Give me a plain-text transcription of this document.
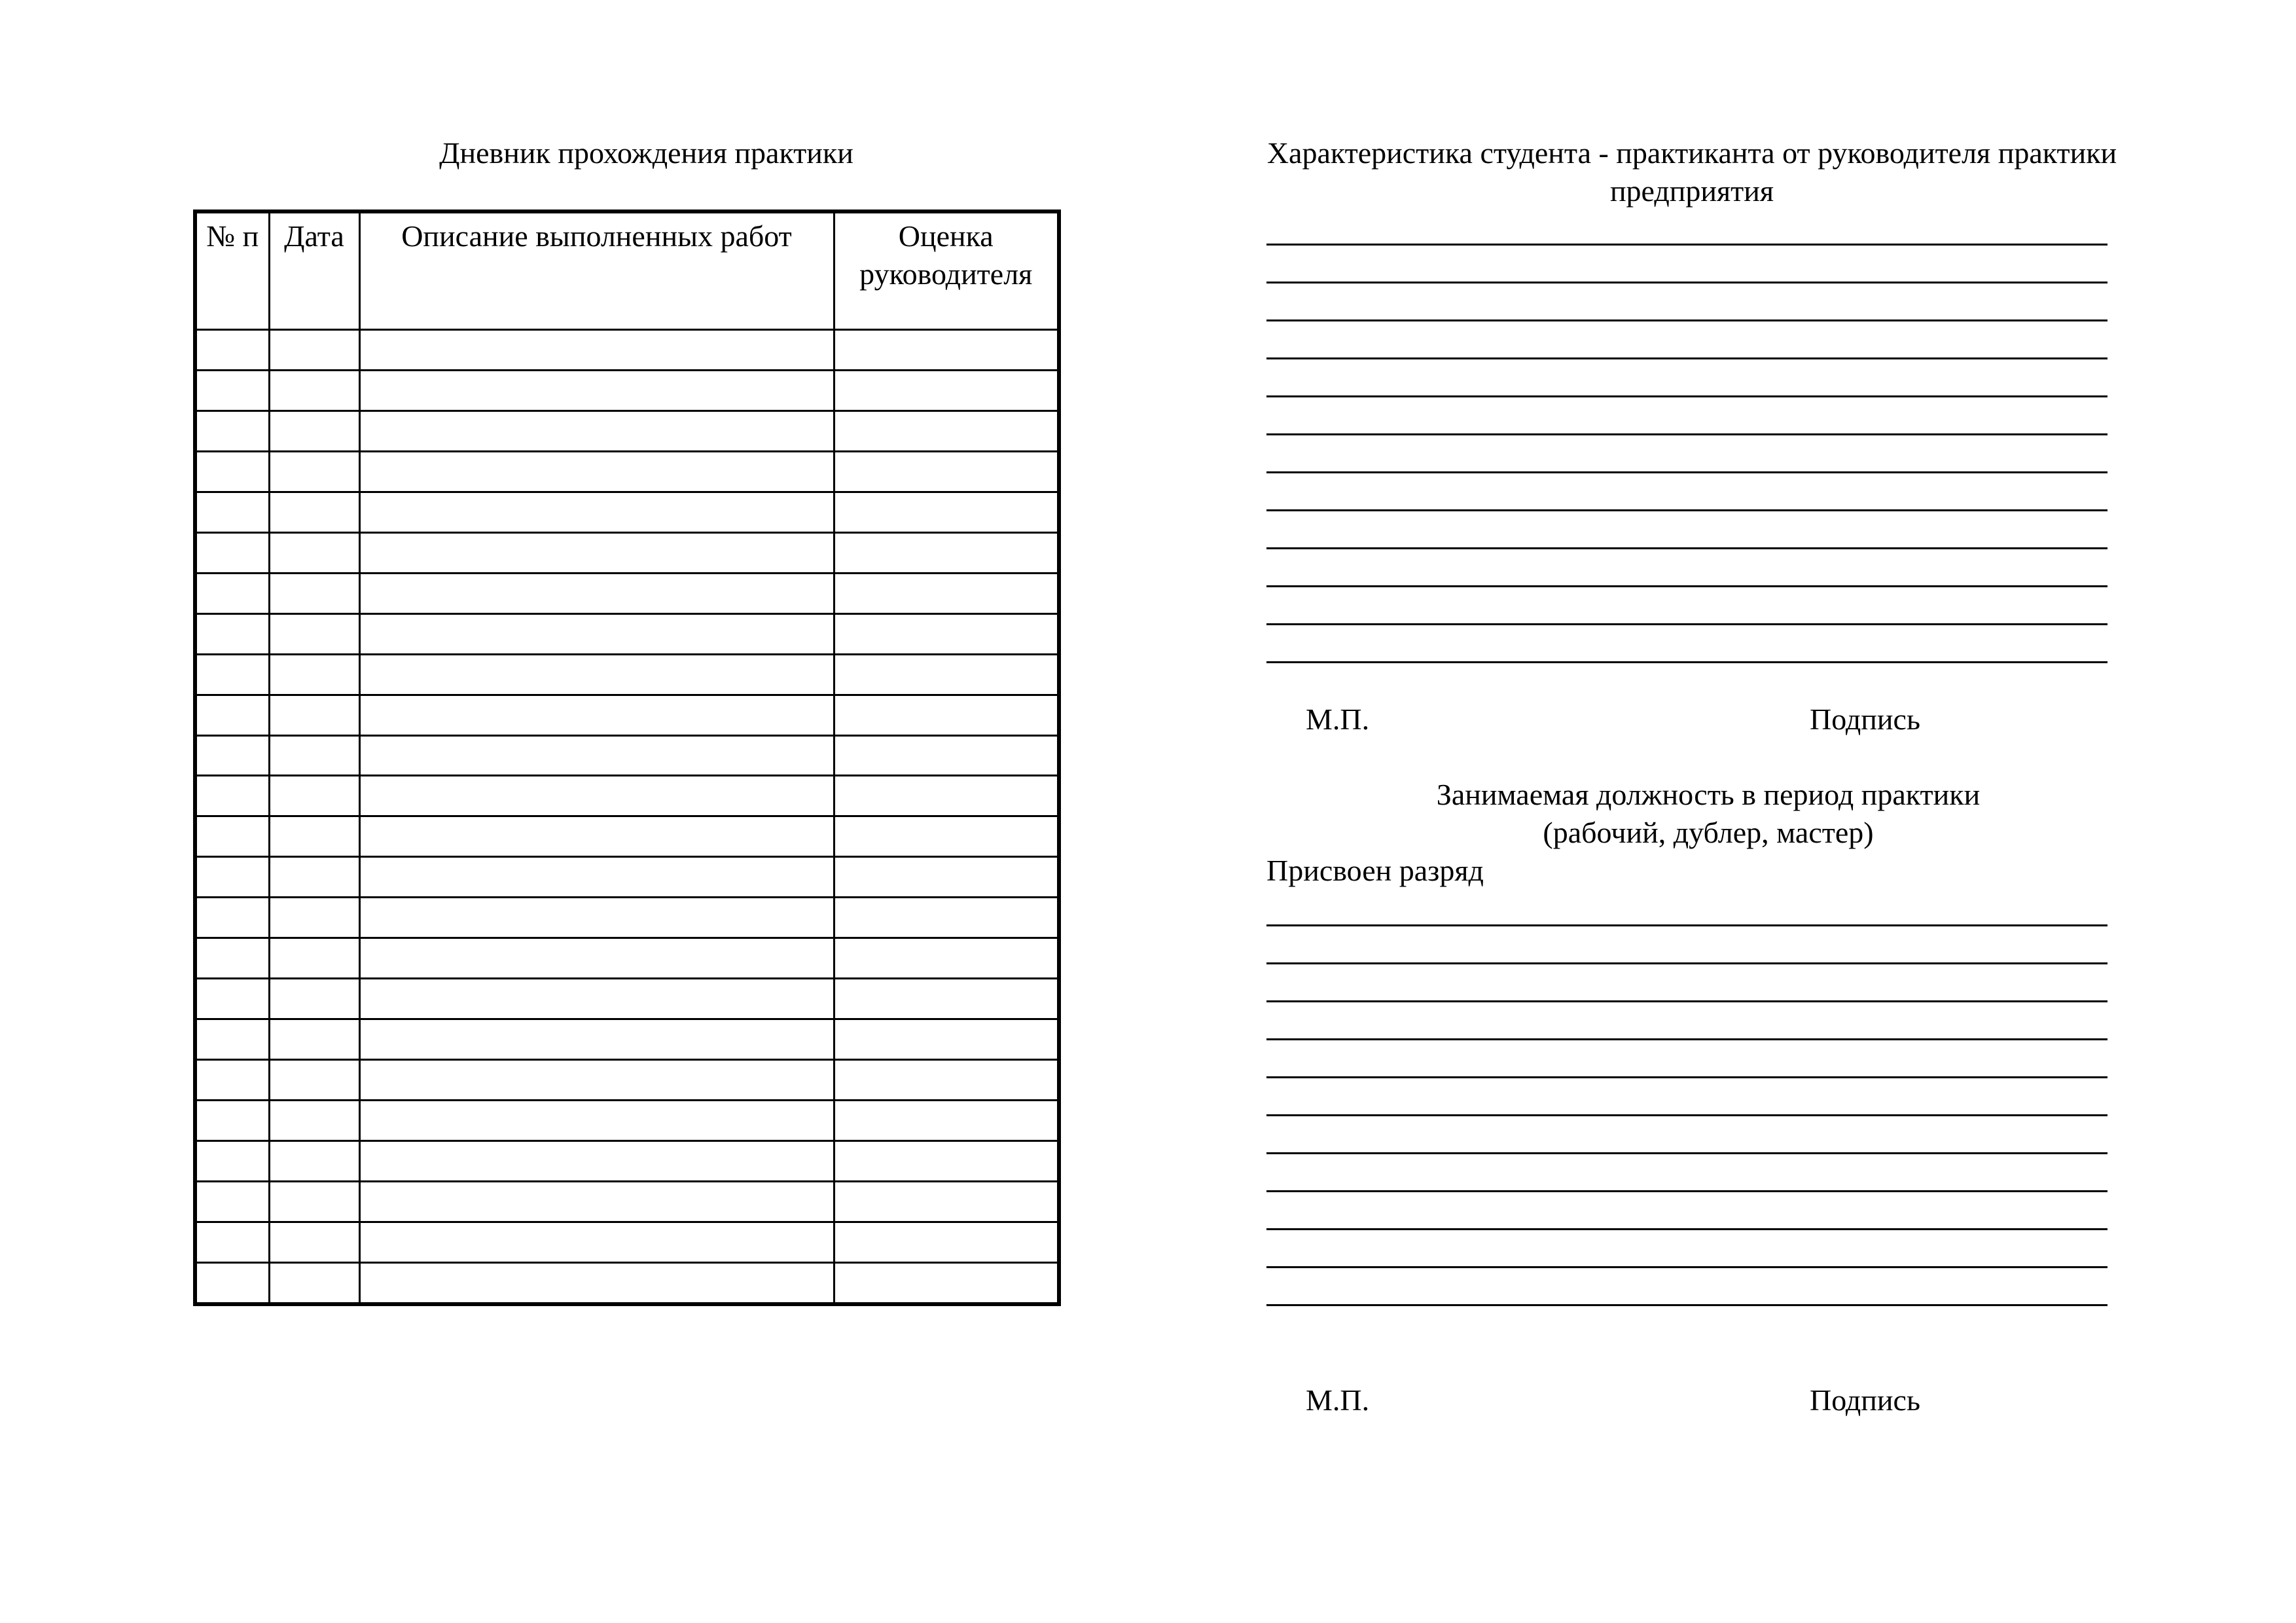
Дневник прохождения практики
№ п	Дата	Описание выполненных работ	Оценка руководителя

Характеристика студента - практиканта от руководителя практики предприятия
М.П.	Подпись
Занимаемая должность в период практики
(рабочий, дублер, мастер)
Присвоен разряд
М.П.	Подпись
